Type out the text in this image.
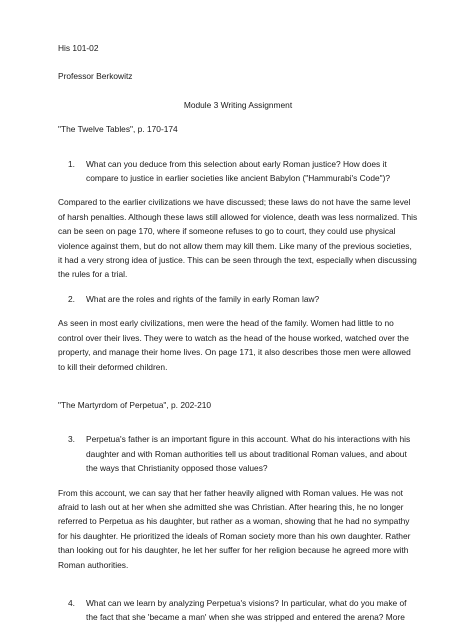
His 101-02

Professor Berkowitz

Module 3 Writing Assignment

"The Twelve Tables", p. 170-174

1.	What can you deduce from this selection about early Roman justice? How does it compare to justice in earlier societies like ancient Babylon ("Hammurabi's Code")?

Compared to the earlier civilizations we have discussed; these laws do not have the same level of harsh penalties. Although these laws still allowed for violence, death was less normalized. This can be seen on page 170, where if someone refuses to go to court, they could use physical violence against them, but do not allow them may kill them. Like many of the previous societies, it had a very strong idea of justice. This can be seen through the text, especially when discussing the rules for a trial.

2.	What are the roles and rights of the family in early Roman law?

As seen in most early civilizations, men were the head of the family. Women had little to no control over their lives. They were to watch as the head of the house worked, watched over the property, and manage their home lives. On page 171, it also describes those men were allowed to kill their deformed children.

"The Martyrdom of Perpetua", p. 202-210

3.	Perpetua's father is an important figure in this account. What do his interactions with his daughter and with Roman authorities tell us about traditional Roman values, and about the ways that Christianity opposed those values?

From this account, we can say that her father heavily aligned with Roman values. He was not afraid to lash out at her when she admitted she was Christian. After hearing this, he no longer referred to Perpetua as his daughter, but rather as a woman, showing that he had no sympathy for his daughter. He prioritized the ideals of Roman society more than his own daughter. Rather than looking out for his daughter, he let her suffer for her religion because he agreed more with Roman authorities.

4.	What can we learn by analyzing Perpetua's visions? In particular, what do you make of the fact that she 'became a man' when she was stripped and entered the arena? More
